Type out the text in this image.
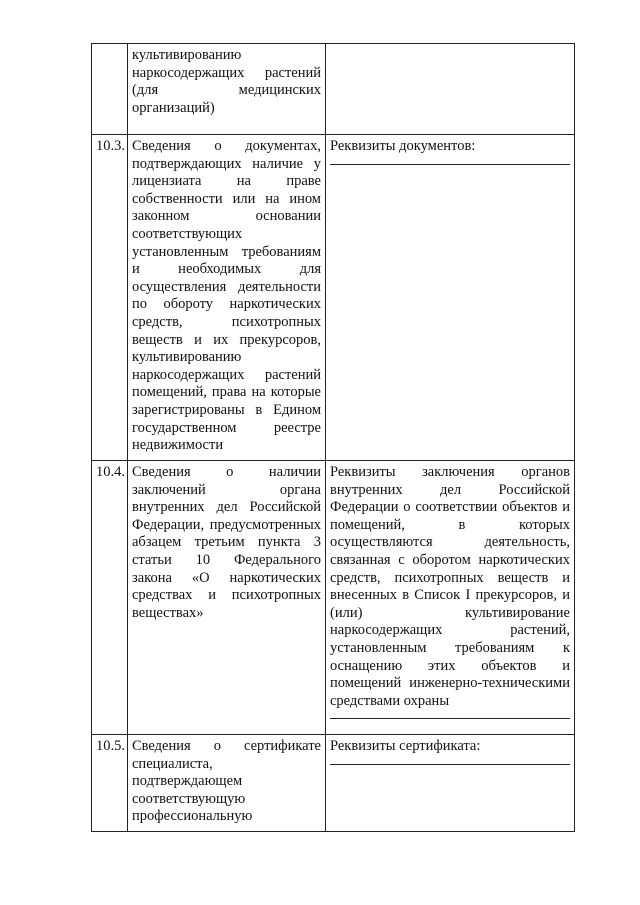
	культивированию наркосодержащих растений (для медицинских организаций)	
10.3.	Сведения о документах, подтверждающих наличие у лицензиата на праве собственности или на ином законном основании соответствующих установленным требованиям и необходимых для осуществления деятельности по обороту наркотических средств, психотропных веществ и их прекурсоров, культивированию наркосодержащих растений помещений, права на которые зарегистрированы в Едином государственном реестре недвижимости	Реквизиты документов:

10.4.	Сведения о наличии заключений органа внутренних дел Российской Федерации, предусмотренных абзацем третьим пункта 3 статьи 10 Федерального закона «О наркотических средствах и психотропных веществах»	Реквизиты заключения органов внутренних дел Российской Федерации о соответствии объектов и помещений, в которых осуществляются деятельность, связанная с оборотом наркотических средств, психотропных веществ и внесенных в Список I прекурсоров, и (или) культивирование наркосодержащих растений, установленным требованиям к оснащению этих объектов и помещений инженерно-техническими средствами охраны

10.5.	Сведения о сертификате специалиста, подтверждающем соответствующую профессиональную	Реквизиты сертификата:
